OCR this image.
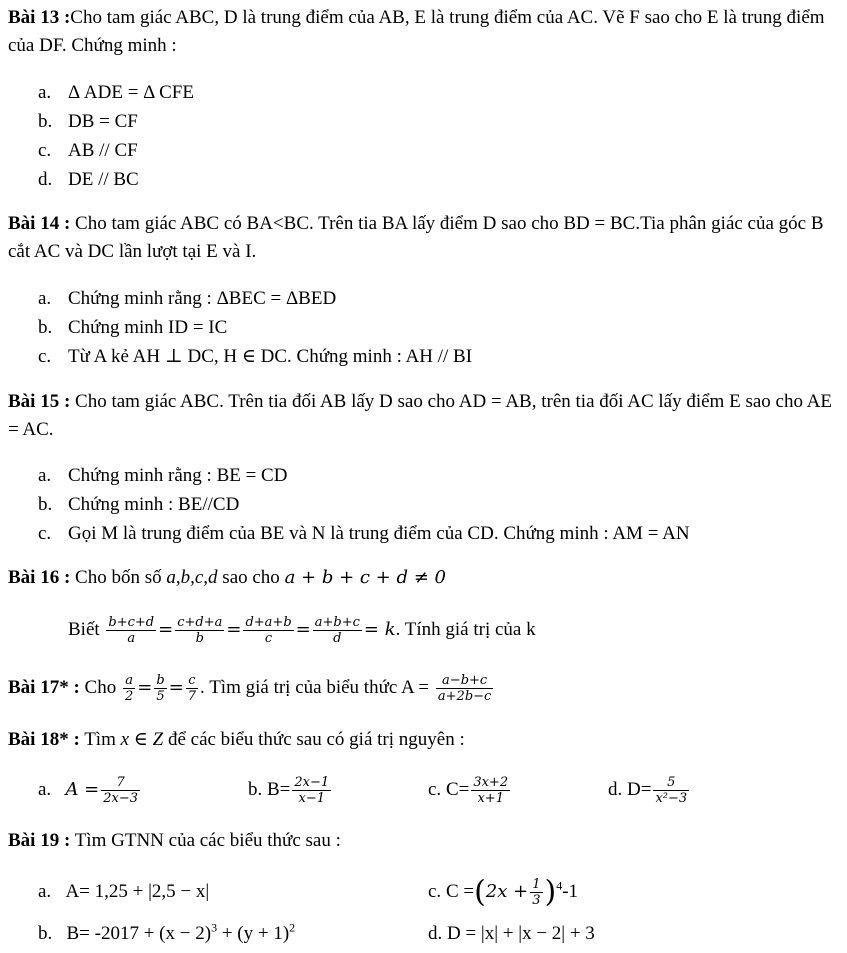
Bài 13 :Cho tam giác ABC, D là trung điểm của AB, E là trung điểm của AC. Vẽ F sao cho E là trung điểm của DF. Chứng minh :
a. Δ ADE = Δ CFE
b. DB = CF
c. AB // CF
d. DE // BC
Bài 14 : Cho tam giác ABC có BA<BC. Trên tia BA lấy điểm D sao cho BD = BC.Tia phân giác của góc B cắt AC và DC lần lượt tại E và I.
a. Chứng minh rằng : ΔBEC = ΔBED
b. Chứng minh ID = IC
c. Từ A kẻ AH ⊥ DC, H ∈ DC. Chứng minh : AH // BI
Bài 15 : Cho tam giác ABC. Trên tia đối AB lấy D sao cho AD = AB, trên tia đối AC lấy điểm E sao cho AE = AC.
a. Chứng minh rằng : BE = CD
b. Chứng minh : BE//CD
c. Gọi M là trung điểm của BE và N là trung điểm của CD. Chứng minh : AM = AN
Bài 16 : Cho bốn số a,b,c,d sao cho a + b + c + d ≠ 0
Biết $\frac{b+c+d}{a} = \frac{c+d+a}{b} = \frac{d+a+b}{c} = \frac{a+b+c}{d} = k$. Tính giá trị của k
Bài 17* : Cho $\frac{a}{2} = \frac{b}{5} = \frac{c}{7}$ . Tìm giá trị của biểu thức $A = \frac{a-b+c}{a+2b-c}$
Bài 18* : Tìm x ∈ Z để các biểu thức sau có giá trị nguyên :
a. $A = \frac{7}{2x-3}$	b. $B= \frac{2x-1}{x-1}$	c. $C= \frac{3x+2}{x+1}$	d. $D= \frac{5}{\text{x²−3}}$
Bài 19 : Tìm GTNN của các biểu thức sau :
a. A= 1,25 + |2,5 − x|	c. $C =(2x + \frac{1}{3} )^4-1$
b. $B= -2017 + (x - 2)^3 + (y + 1)^2$	d. D = |x| + |x − 2| + 3
